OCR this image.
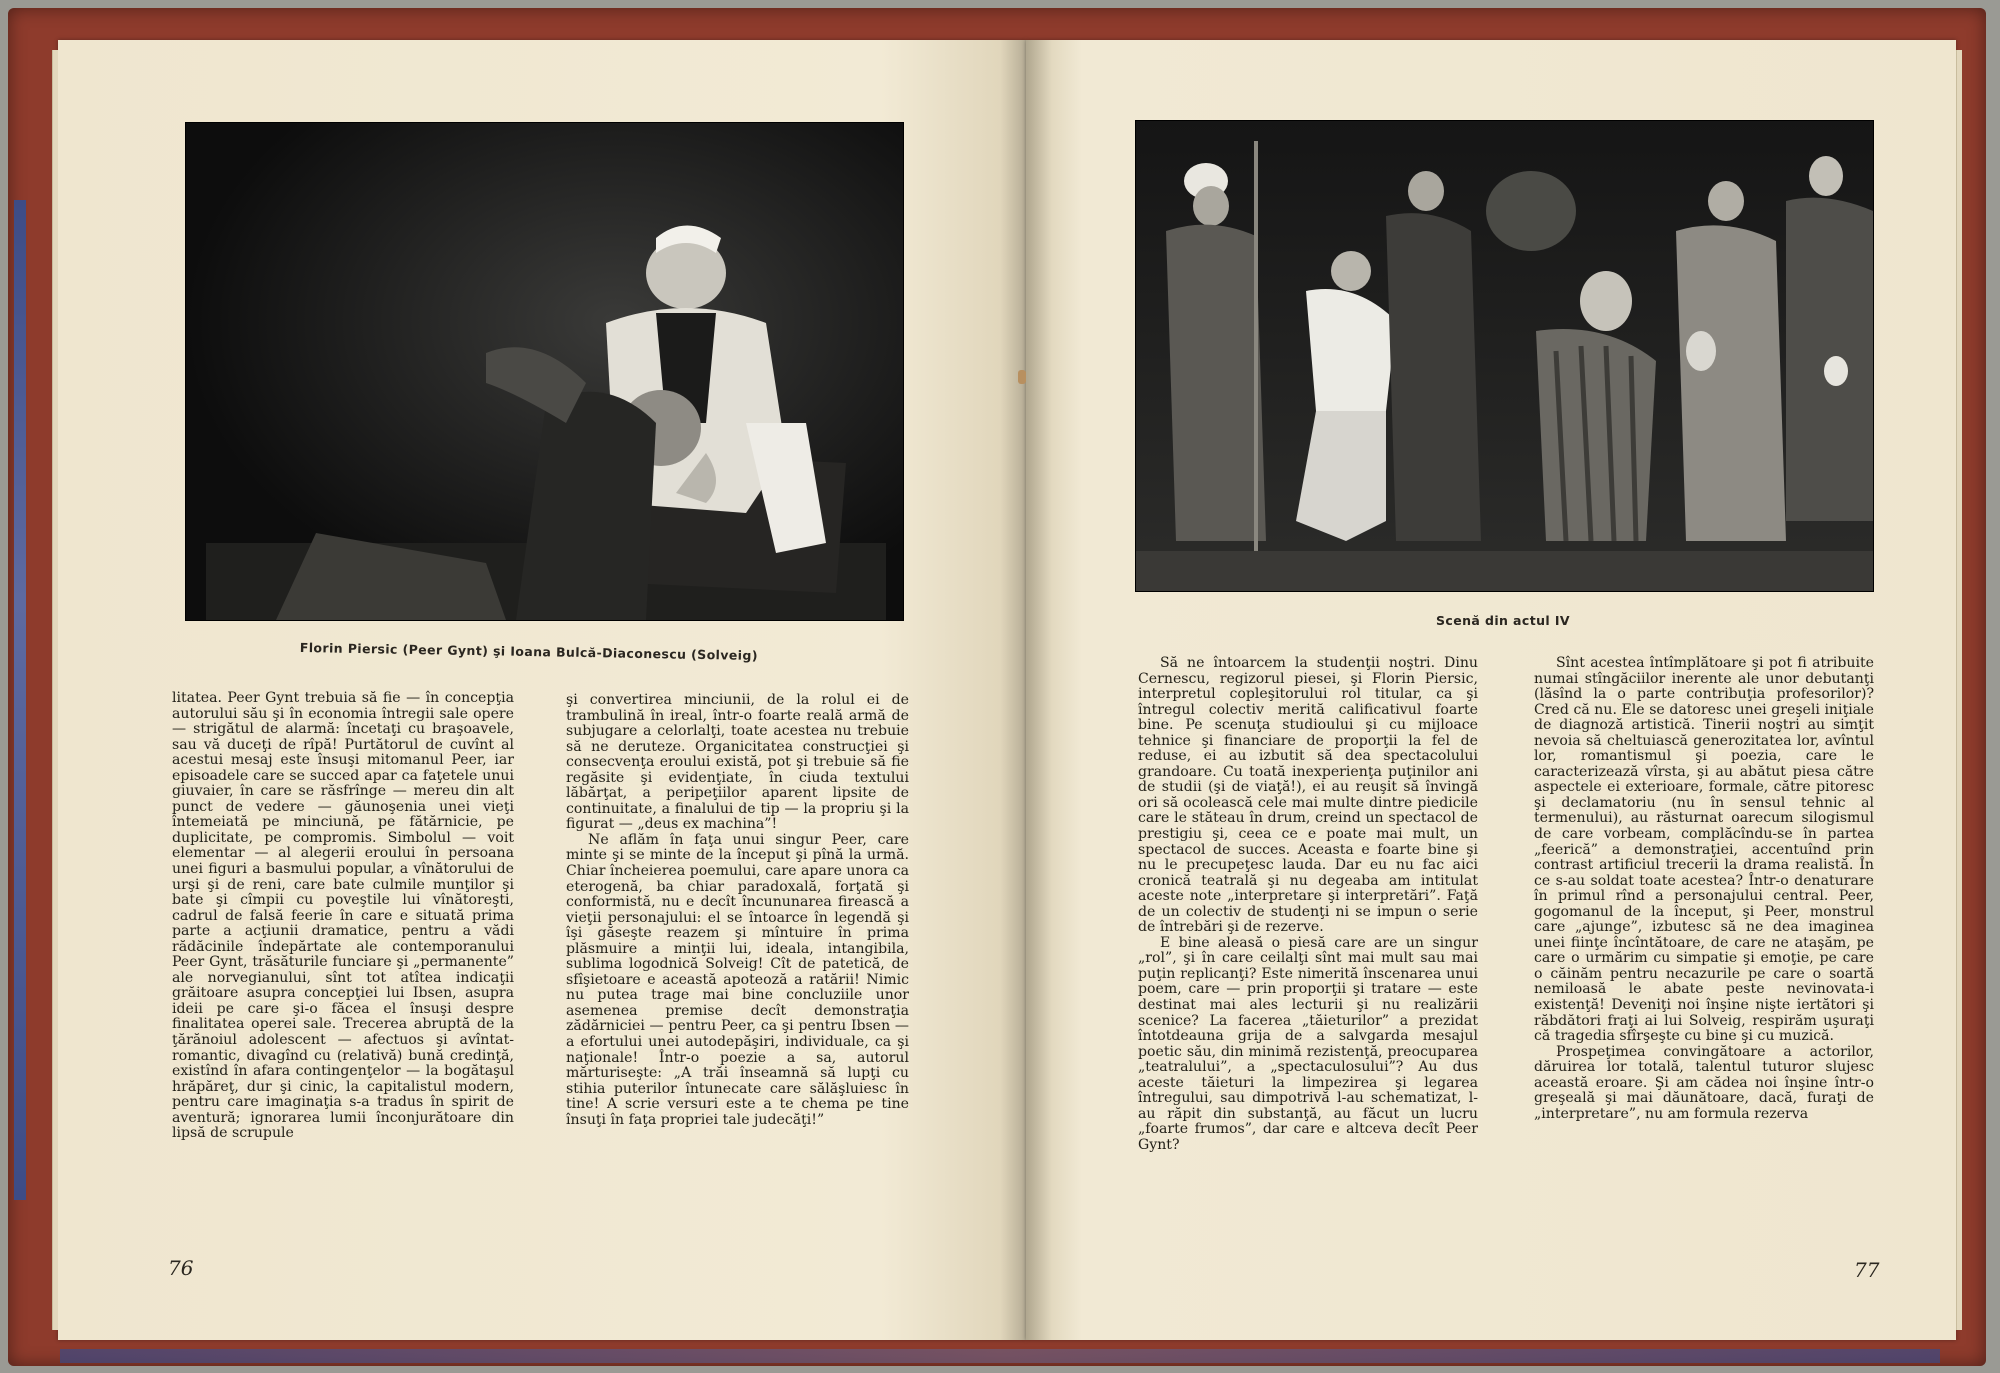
Florin Piersic (Peer Gynt) şi Ioana Bulcă-Diaconescu (Solveig)
Scenă din actul IV

litatea. Peer Gynt trebuia să fie — în concepţia autorului său şi în economia întregii sale opere — strigătul de alarmă: încetaţi cu braşoavele, sau vă duceţi de rîpă! Purtătorul de cuvînt al acestui mesaj este însuşi mitomanul Peer, iar episoadele care se succed apar ca faţetele unui giuvaier, în care se răsfrînge — mereu din alt punct de vedere — găunoşenia unei vieţi întemeiată pe minciună, pe fătărnicie, pe duplicitate, pe compromis. Simbolul — voit elementar — al alegerii eroului în persoana unei figuri a basmului popular, a vînătorului de urşi şi de reni, care bate culmile munţilor şi bate şi cîmpii cu poveştile lui vînătoreşti, cadrul de falsă feerie în care e situată prima parte a acţiunii dramatice, pentru a vădi rădăcinile îndepărtate ale contemporanului Peer Gynt, trăsăturile funciare şi „permanente” ale norvegianului, sînt tot atîtea indicaţii grăitoare asupra concepţiei lui Ibsen, asupra ideii pe care şi-o făcea el însuşi despre finalitatea operei sale. Trecerea abruptă de la ţărănoiul adolescent — afectuos şi avîntat-romantic, divagînd cu (relativă) bună credinţă, existînd în afara contingenţelor — la bogătaşul hrăpăreţ, dur şi cinic, la capitalistul modern, pentru care imaginaţia s-a tradus în spirit de aventură; ignorarea lumii înconjurătoare din lipsă de scrupule

şi convertirea minciunii, de la rolul ei de trambulină în ireal, într-o foarte reală armă de subjugare a celorlalţi, toate acestea nu trebuie să ne deruteze. Organicitatea construcţiei şi consecvenţa eroului există, pot şi trebuie să fie regăsite şi evidenţiate, în ciuda textului lăbărţat, a peripeţiilor aparent lipsite de continuitate, a finalului de tip — la propriu şi la figurat — „deus ex machina”!

Ne aflăm în faţa unui singur Peer, care minte şi se minte de la început şi pînă la urmă. Chiar încheierea poemului, care apare unora ca eterogenă, ba chiar paradoxală, forţată şi conformistă, nu e decît încununarea firească a vieţii personajului: el se întoarce în legendă şi îşi găseşte reazem şi mîntuire în prima plăsmuire a minţii lui, ideala, intangibila, sublima logodnică Solveig! Cît de patetică, de sfîşietoare e această apoteoză a ratării! Nimic nu putea trage mai bine concluziile unor asemenea premise decît demonstraţia zădărniciei — pentru Peer, ca şi pentru Ibsen — a efortului unei autodepăşiri, individuale, ca şi naţionale! Într-o poezie a sa, autorul mărturiseşte: „A trăi înseamnă să lupţi cu stihia puterilor întunecate care sălăşluiesc în tine! A scrie versuri este a te chema pe tine însuţi în faţa propriei tale judecăţi!”

Să ne întoarcem la studenţii noştri. Dinu Cernescu, regizorul piesei, şi Florin Piersic, interpretul copleşitorului rol titular, ca şi întregul colectiv merită calificativul foarte bine. Pe scenuţa studioului şi cu mijloace tehnice şi financiare de proporţii la fel de reduse, ei au izbutit să dea spectacolului grandoare. Cu toată inexperienţa puţinilor ani de studii (şi de viaţă!), ei au reuşit să învingă ori să ocolească cele mai multe dintre piedicile care le stăteau în drum, creind un spectacol de prestigiu şi, ceea ce e poate mai mult, un spectacol de succes. Aceasta e foarte bine şi nu le precupeţesc lauda. Dar eu nu fac aici cronică teatrală şi nu degeaba am intitulat aceste note „interpretare şi interpretări”. Faţă de un colectiv de studenţi ni se impun o serie de întrebări şi de rezerve.

E bine aleasă o piesă care are un singur „rol”, şi în care ceilalţi sînt mai mult sau mai puţin replicanţi? Este nimerită înscenarea unui poem, care — prin proporţii şi tratare — este destinat mai ales lecturii şi nu realizării scenice? La facerea „tăieturilor” a prezidat întotdeauna grija de a salvgarda mesajul poetic său, din minimă rezistenţă, preocuparea „teatralului”, a „spectaculosului”? Au dus aceste tăieturi la limpezirea şi legarea întregului, sau dimpotrivă l-au schematizat, l-au răpit din substanţă, au făcut un lucru „foarte frumos”, dar care e altceva decît Peer Gynt?

Sînt acestea întîmplătoare şi pot fi atribuite numai stîngăciilor inerente ale unor debutanţi (lăsînd la o parte contribuţia profesorilor)? Cred că nu. Ele se datoresc unei greşeli iniţiale de diagnoză artistică. Tinerii noştri au simţit nevoia să cheltuiască generozitatea lor, avîntul lor, romantismul şi poezia, care le caracterizează vîrsta, şi au abătut piesa către aspectele ei exterioare, formale, către pitoresc şi declamatoriu (nu în sensul tehnic al termenului), au răsturnat oarecum silogismul de care vorbeam, complăcîndu-se în partea „feerică” a demonstraţiei, accentuînd prin contrast artificiul trecerii la drama realistă. În ce s-au soldat toate acestea? Într-o denaturare în primul rînd a personajului central. Peer, gogomanul de la început, şi Peer, monstrul care „ajunge”, izbutesc să ne dea imaginea unei fiinţe încîntătoare, de care ne ataşăm, pe care o urmărim cu simpatie şi emoţie, pe care o căinăm pentru necazurile pe care o soartă nemiloasă le abate peste nevinovata-i existenţă! Deveniţi noi înşine nişte iertători şi răbdători fraţi ai lui Solveig, respirăm uşuraţi că tragedia sfîrşeşte cu bine şi cu muzică.

Prospeţimea convingătoare a actorilor, dăruirea lor totală, talentul tuturor slujesc această eroare. Şi am cădea noi înşine într-o greşeală şi mai dăunătoare, dacă, furaţi de „interpretare”, nu am formula rezerva

76	77
